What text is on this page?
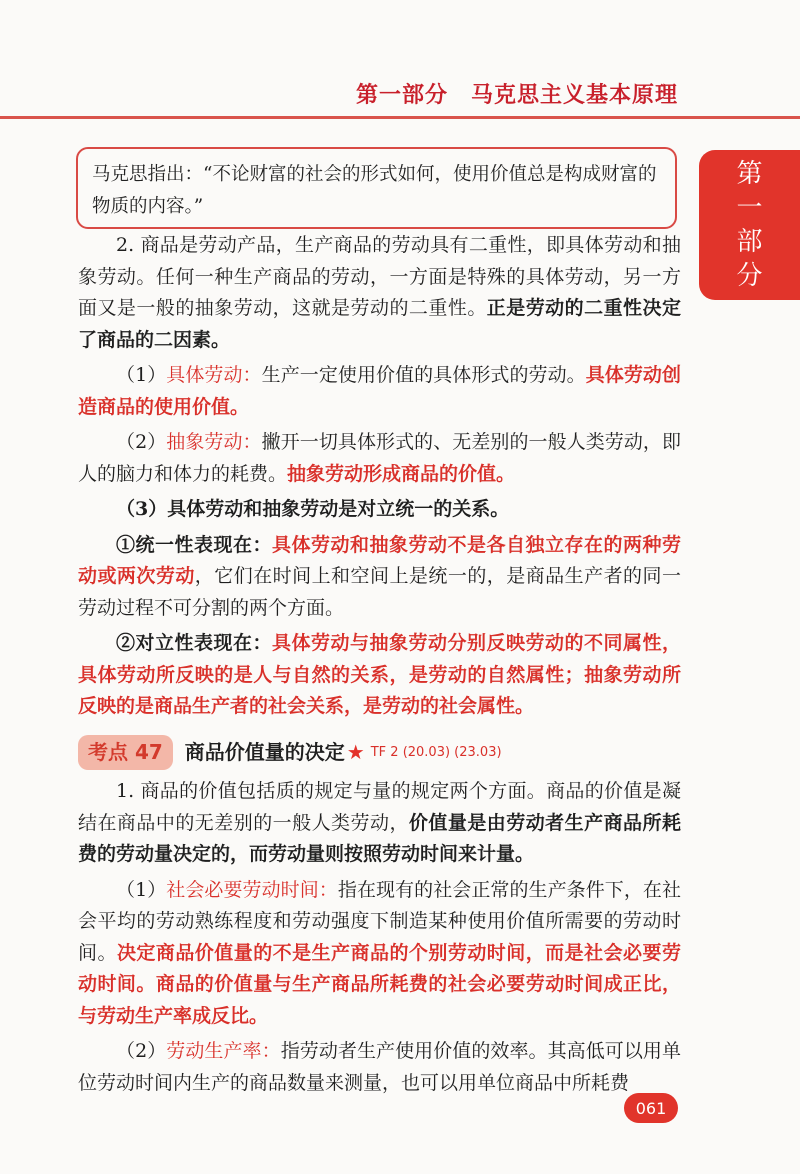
第一部分　马克思主义基本原理
第
一
部
分
马克思指出：“不论财富的社会的形式如何，使用价值总是构成财富的物质的内容。”

2. 商品是劳动产品，生产商品的劳动具有二重性，即具体劳动和抽象劳动。任何一种生产商品的劳动，一方面是特殊的具体劳动，另一方面又是一般的抽象劳动，这就是劳动的二重性。正是劳动的二重性决定了商品的二因素。

（1）具体劳动：生产一定使用价值的具体形式的劳动。具体劳动创造商品的使用价值。

（2）抽象劳动：撇开一切具体形式的、无差别的一般人类劳动，即人的脑力和体力的耗费。抽象劳动形成商品的价值。

（3）具体劳动和抽象劳动是对立统一的关系。

①统一性表现在：具体劳动和抽象劳动不是各自独立存在的两种劳动或两次劳动，它们在时间上和空间上是统一的，是商品生产者的同一劳动过程不可分割的两个方面。

②对立性表现在：具体劳动与抽象劳动分别反映劳动的不同属性，具体劳动所反映的是人与自然的关系，是劳动的自然属性；抽象劳动所反映的是商品生产者的社会关系，是劳动的社会属性。

考点 47	商品价值量的决定 ★ TF 2 (20.03) (23.03)

1. 商品的价值包括质的规定与量的规定两个方面。商品的价值是凝结在商品中的无差别的一般人类劳动，价值量是由劳动者生产商品所耗费的劳动量决定的，而劳动量则按照劳动时间来计量。

（1）社会必要劳动时间：指在现有的社会正常的生产条件下，在社会平均的劳动熟练程度和劳动强度下制造某种使用价值所需要的劳动时间。决定商品价值量的不是生产商品的个别劳动时间，而是社会必要劳动时间。商品的价值量与生产商品所耗费的社会必要劳动时间成正比，与劳动生产率成反比。

（2）劳动生产率：指劳动者生产使用价值的效率。其高低可以用单位劳动时间内生产的商品数量来测量，也可以用单位商品中所耗费

061
